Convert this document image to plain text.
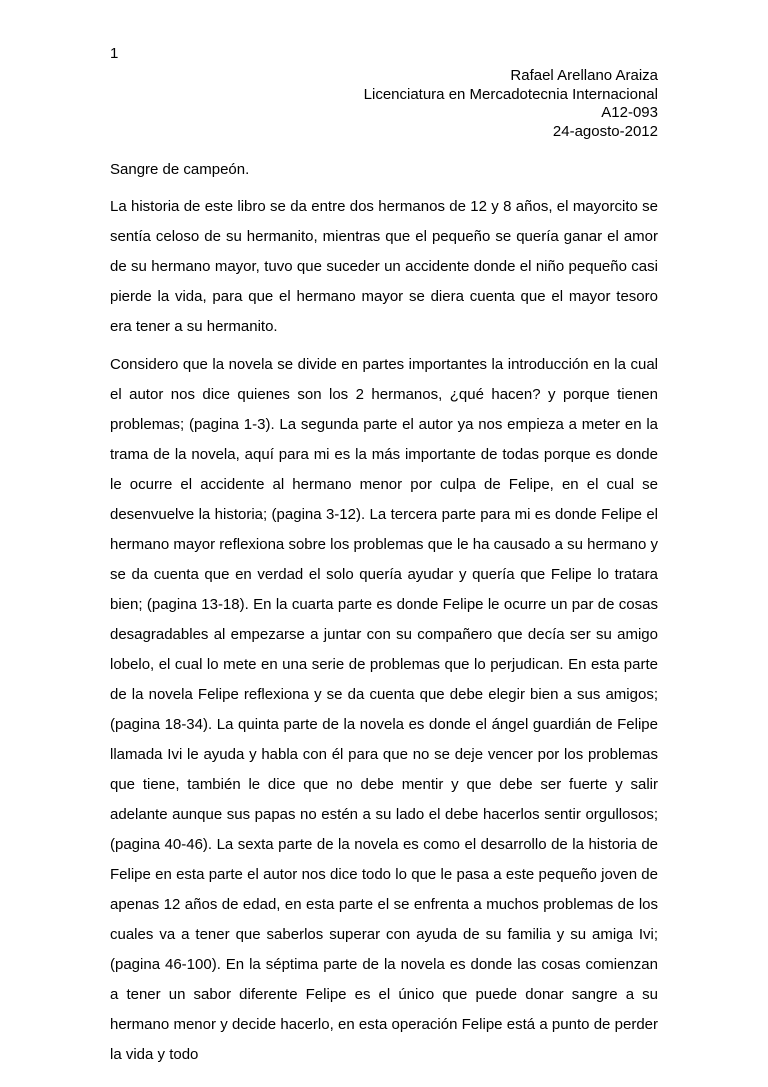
1
Rafael Arellano Araiza
Licenciatura en Mercadotecnia Internacional
A12-093
24-agosto-2012
Sangre de campeón.

La historia de este libro se da entre dos hermanos de 12 y 8 años, el mayorcito se sentía celoso de su hermanito, mientras que el pequeño se quería ganar el amor de su hermano mayor, tuvo que suceder un accidente donde el niño pequeño casi pierde la vida, para que el hermano mayor se diera cuenta que el mayor tesoro era tener a su hermanito.

Considero que la novela se divide en partes importantes la introducción en la cual el autor nos dice quienes son los 2 hermanos, ¿qué hacen? y porque tienen problemas; (pagina 1-3). La segunda parte el autor ya nos empieza a meter en la trama de la novela, aquí para mi es la más importante de todas porque es donde le ocurre el accidente al hermano menor por culpa de Felipe, en el cual se desenvuelve la historia; (pagina 3-12). La tercera parte para mi es donde Felipe el hermano mayor reflexiona sobre los problemas que le ha causado a su hermano y se da cuenta que en verdad el solo quería ayudar y quería que Felipe lo tratara bien; (pagina 13-18). En la cuarta parte es donde Felipe le ocurre un par de cosas desagradables al empezarse a juntar con su compañero que decía ser su amigo lobelo, el cual lo mete en una serie de problemas que lo perjudican. En esta parte de la novela Felipe reflexiona y se da cuenta que debe elegir bien a sus amigos; (pagina 18-34). La quinta parte de la novela es donde el ángel guardián de Felipe llamada Ivi le ayuda y habla con él para que no se deje vencer por los problemas que tiene, también le dice que no debe mentir y que debe ser fuerte y salir adelante aunque sus papas no estén a su lado el debe hacerlos sentir orgullosos; (pagina 40-46). La sexta parte de la novela es como el desarrollo de la historia de Felipe en esta parte el autor nos dice todo lo que le pasa a este pequeño joven de apenas 12 años de edad, en esta parte el se enfrenta a muchos problemas de los cuales va a tener que saberlos superar con ayuda de su familia y su amiga Ivi; (pagina 46-100). En la séptima parte de la novela es donde las cosas comienzan a tener un sabor diferente Felipe es el único que puede donar sangre a su hermano menor y decide hacerlo, en esta operación Felipe está a punto de perder la vida y todo
